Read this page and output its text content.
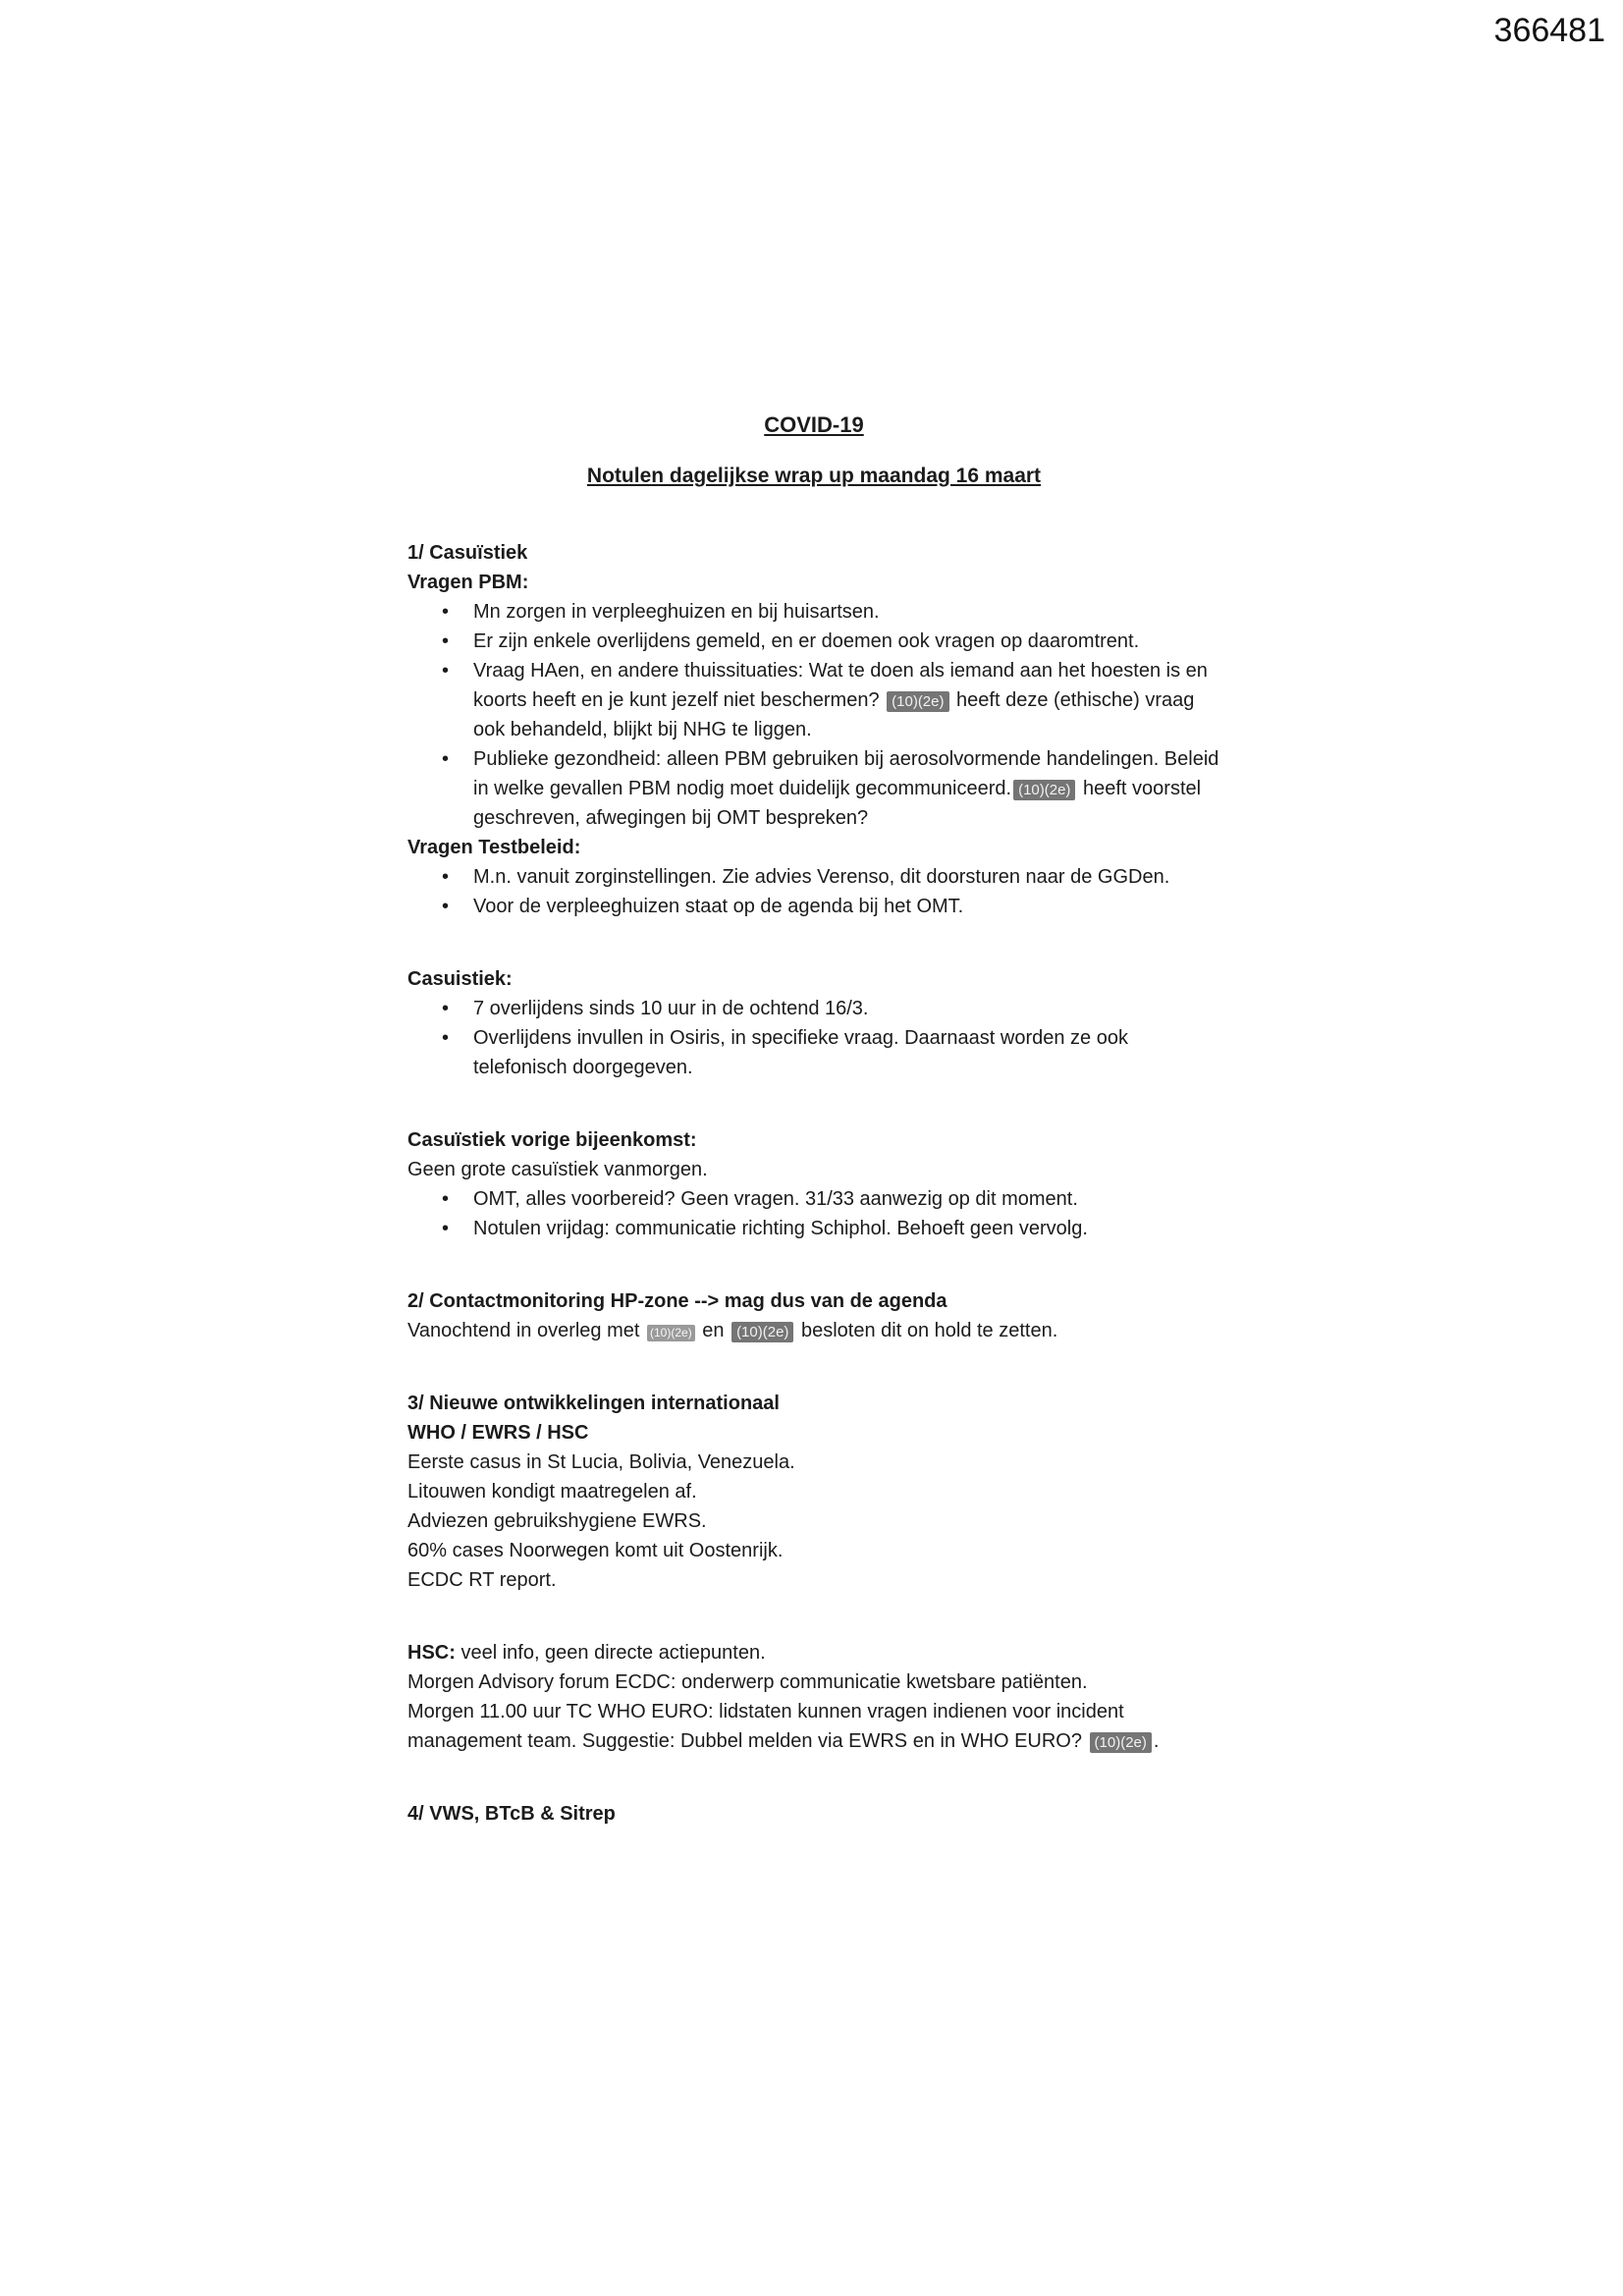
366481
COVID-19
Notulen dagelijkse wrap up maandag 16 maart
1/ Casuïstiek
Vragen PBM:
•	Mn zorgen in verpleeghuizen en bij huisartsen.
•	Er zijn enkele overlijdens gemeld, en er doemen ook vragen op daaromtrent.
•	Vraag HAen, en andere thuissituaties: Wat te doen als iemand aan het hoesten is en koorts heeft en je kunt jezelf niet beschermen? (10)(2e) heeft deze (ethische) vraag ook behandeld, blijkt bij NHG te liggen.
•	Publieke gezondheid: alleen PBM gebruiken bij aerosolvormende handelingen. Beleid in welke gevallen PBM nodig moet duidelijk gecommuniceerd. (10)(2e) heeft voorstel geschreven, afwegingen bij OMT bespreken?
Vragen Testbeleid:
•	M.n. vanuit zorginstellingen. Zie advies Verenso, dit doorsturen naar de GGDen.
•	Voor de verpleeghuizen staat op de agenda bij het OMT.
Casuistiek:
•	7 overlijdens sinds 10 uur in de ochtend 16/3.
•	Overlijdens invullen in Osiris, in specifieke vraag. Daarnaast worden ze ook telefonisch doorgegeven.
Casuïstiek vorige bijeenkomst:
Geen grote casuïstiek vanmorgen.
•	OMT, alles voorbereid? Geen vragen. 31/33 aanwezig op dit moment.
•	Notulen vrijdag: communicatie richting Schiphol. Behoeft geen vervolg.
2/ Contactmonitoring HP-zone --> mag dus van de agenda
Vanochtend in overleg met (10)(2e) en (10)(2e) besloten dit on hold te zetten.
3/ Nieuwe ontwikkelingen internationaal
WHO / EWRS / HSC
Eerste casus in St Lucia, Bolivia, Venezuela.
Litouwen kondigt maatregelen af.
Adviezen gebruikshygiene EWRS.
60% cases Noorwegen komt uit Oostenrijk.
ECDC RT report.
HSC: veel info, geen directe actiepunten.
Morgen Advisory forum ECDC: onderwerp communicatie kwetsbare patiënten.
Morgen 11.00 uur TC WHO EURO: lidstaten kunnen vragen indienen voor incident management team. Suggestie: Dubbel melden via EWRS en in WHO EURO? (10)(2e) .
4/ VWS, BTcB & Sitrep
